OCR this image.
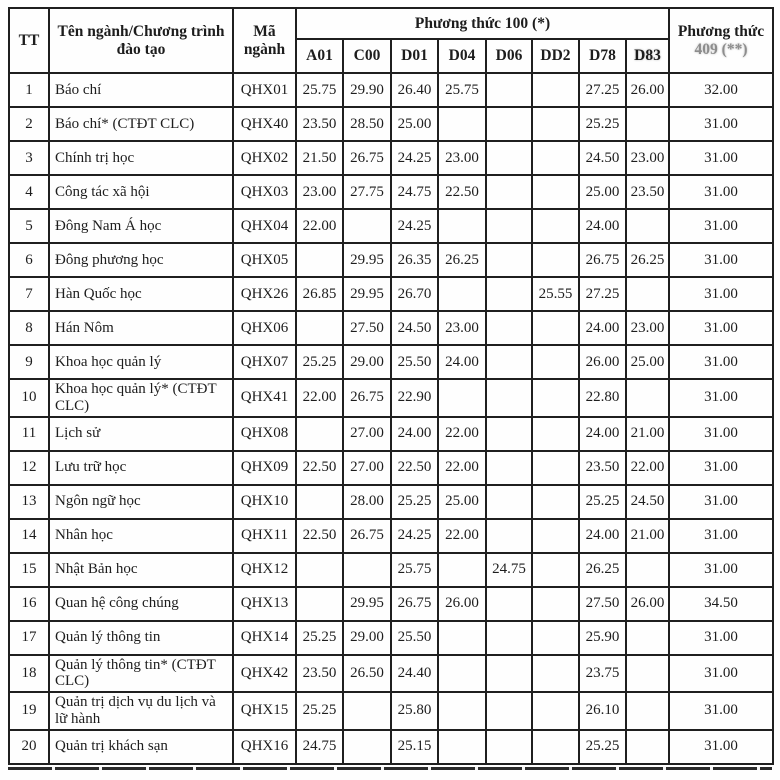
TT	Tên ngành/Chương trình đào tạo	Mã ngành	Phương thức 100 (*)								Phương thức
409 (**)

			A01	C00	D01	D04	D06	DD2	D78	D83	
1	Báo chí	QHX01	25.75	29.90	26.40	25.75			27.25	26.00	32.00
2	Báo chí* (CTĐT CLC)	QHX40	23.50	28.50	25.00				25.25		31.00
3	Chính trị học	QHX02	21.50	26.75	24.25	23.00			24.50	23.00	31.00
4	Công tác xã hội	QHX03	23.00	27.75	24.75	22.50			25.00	23.50	31.00
5	Đông Nam Á học	QHX04	22.00		24.25				24.00		31.00
6	Đông phương học	QHX05		29.95	26.35	26.25			26.75	26.25	31.00
7	Hàn Quốc học	QHX26	26.85	29.95	26.70			25.55	27.25		31.00
8	Hán Nôm	QHX06		27.50	24.50	23.00			24.00	23.00	31.00
9	Khoa học quản lý	QHX07	25.25	29.00	25.50	24.00			26.00	25.00	31.00
10	Khoa học quản lý* (CTĐT CLC)	QHX41	22.00	26.75	22.90				22.80		31.00
11	Lịch sử	QHX08		27.00	24.00	22.00			24.00	21.00	31.00
12	Lưu trữ học	QHX09	22.50	27.00	22.50	22.00			23.50	22.00	31.00
13	Ngôn ngữ học	QHX10		28.00	25.25	25.00			25.25	24.50	31.00
14	Nhân học	QHX11	22.50	26.75	24.25	22.00			24.00	21.00	31.00
15	Nhật Bản học	QHX12			25.75		24.75		26.25		31.00
16	Quan hệ công chúng	QHX13		29.95	26.75	26.00			27.50	26.00	34.50
17	Quản lý thông tin	QHX14	25.25	29.00	25.50				25.90		31.00
18	Quản lý thông tin* (CTĐT CLC)	QHX42	23.50	26.50	24.40				23.75		31.00
19	Quản trị dịch vụ du lịch và lữ hành	QHX15	25.25		25.80				26.10		31.00
20	Quản trị khách sạn	QHX16	24.75		25.15				25.25		31.00
